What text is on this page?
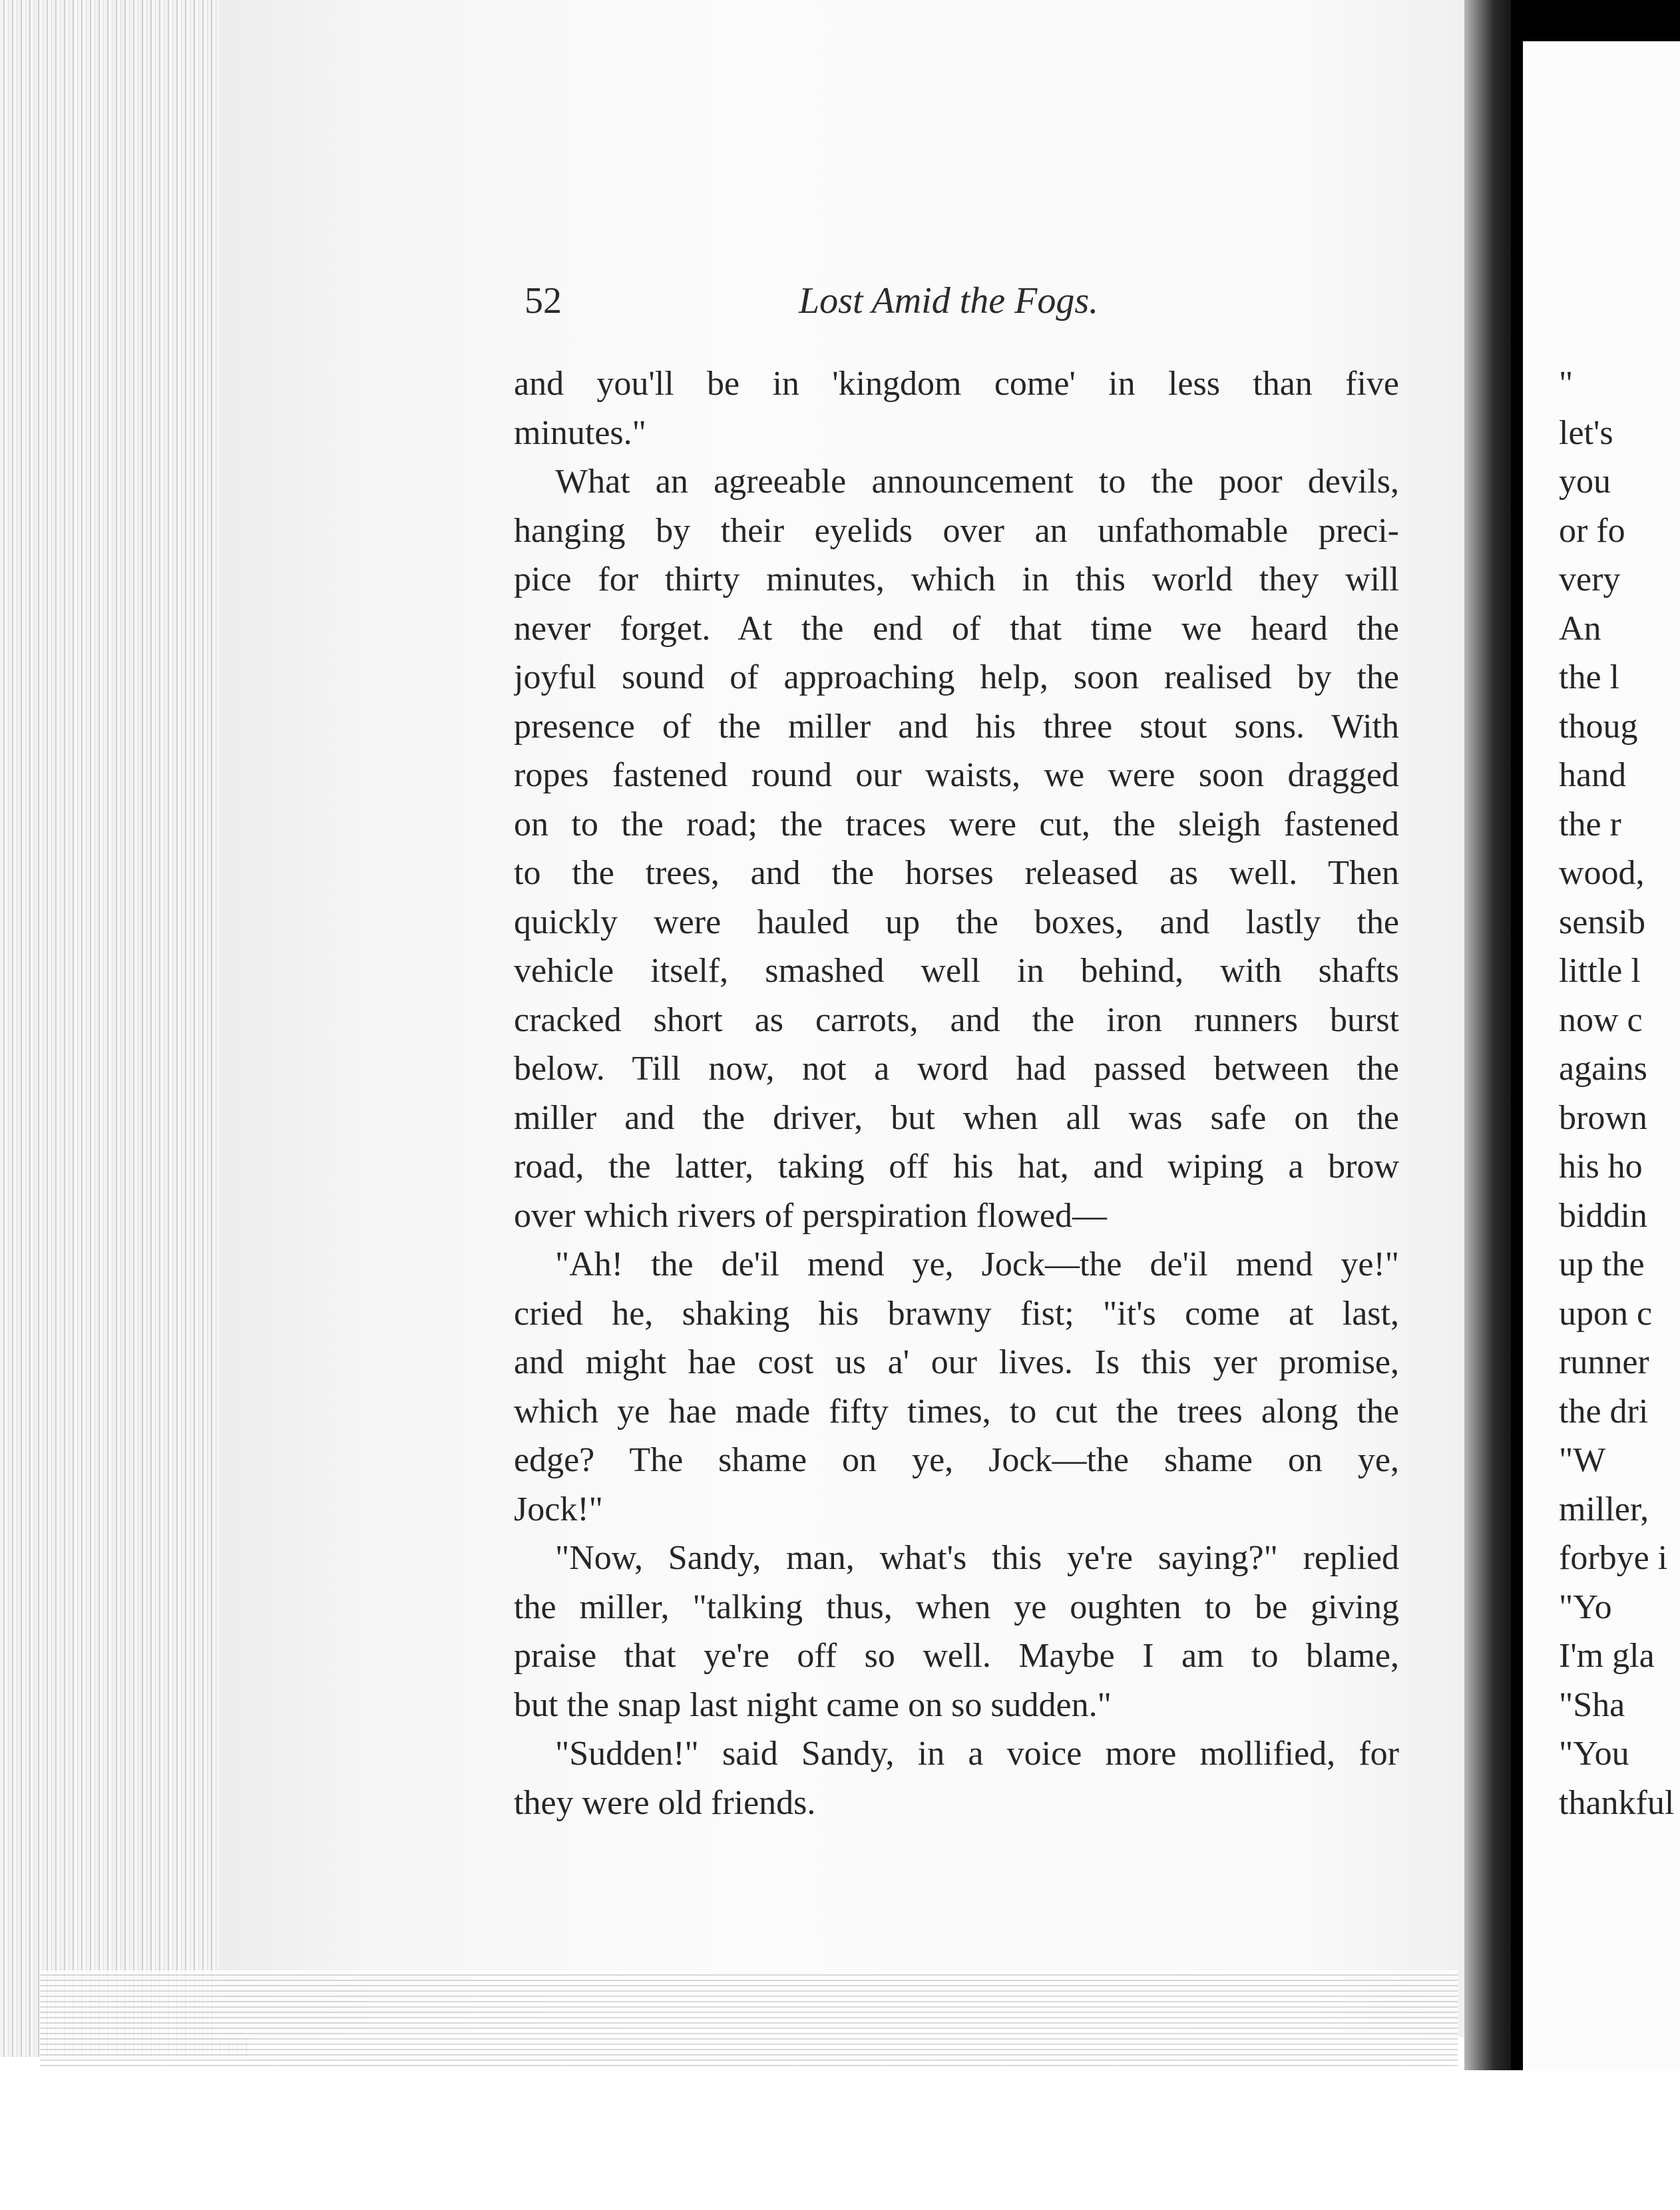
52	Lost Amid the Fogs.
and you'll be in 'kingdom come' in less than five
minutes."
What an agreeable announcement to the poor devils,
hanging by their eyelids over an unfathomable preci-
pice for thirty minutes, which in this world they will
never forget. At the end of that time we heard the
joyful sound of approaching help, soon realised by the
presence of the miller and his three stout sons. With
ropes fastened round our waists, we were soon dragged
on to the road; the traces were cut, the sleigh fastened
to the trees, and the horses released as well. Then
quickly were hauled up the boxes, and lastly the
vehicle itself, smashed well in behind, with shafts
cracked short as carrots, and the iron runners burst
below. Till now, not a word had passed between the
miller and the driver, but when all was safe on the
road, the latter, taking off his hat, and wiping a brow
over which rivers of perspiration flowed—
"Ah! the de'il mend ye, Jock—the de'il mend ye!"
cried he, shaking his brawny fist; "it's come at last,
and might hae cost us a' our lives. Is this yer promise,
which ye hae made fifty times, to cut the trees along the
edge? The shame on ye, Jock—the shame on ye,
Jock!"
"Now, Sandy, man, what's this ye're saying?" replied
the miller, "talking thus, when ye oughten to be giving
praise that ye're off so well. Maybe I am to blame,
but the snap last night came on so sudden."
"Sudden!" said Sandy, in a voice more mollified, for
they were old friends.
"
let's
you
or fo
very
An
the l
thoug
hand
the r
wood,
sensib
little l
now c
agains
brown
his ho
biddin
up the
upon c
runner
the dri
"W
miller,
forbye i
"Yo
I'm gla
"Sha
"You
thankful
